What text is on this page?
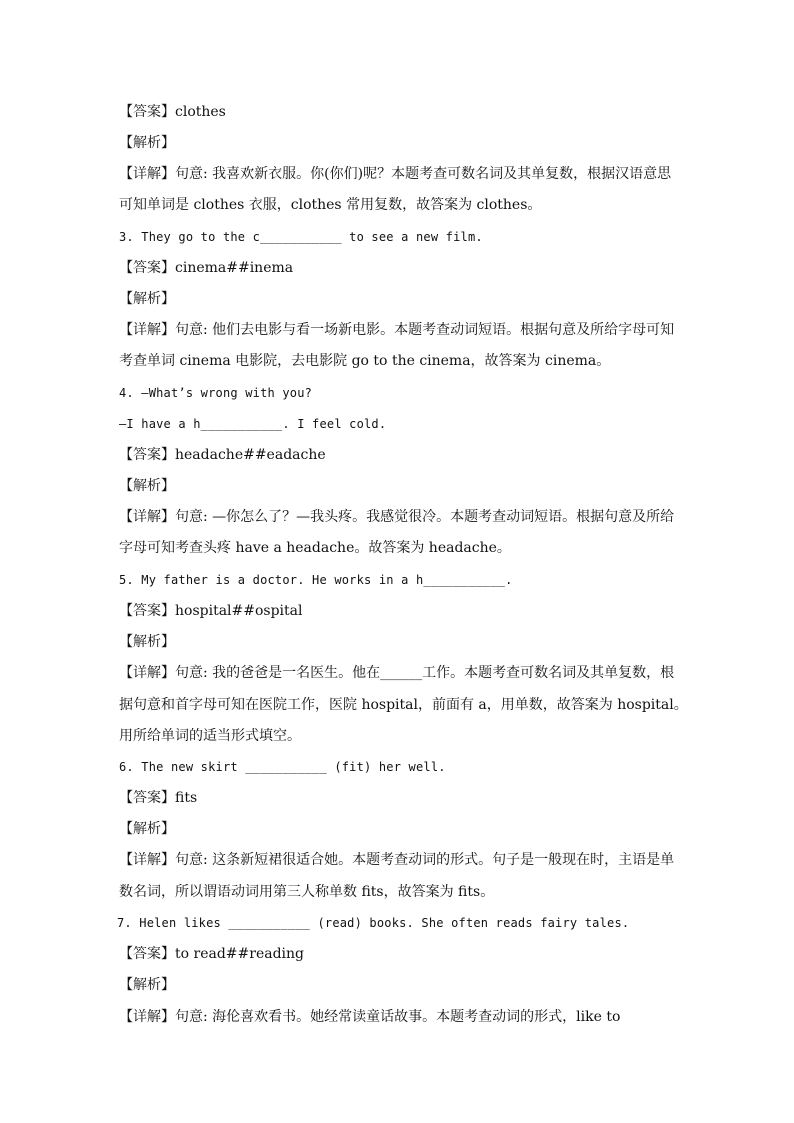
【答案】clothes
【解析】
【详解】句意: 我喜欢新衣服。你(你们)呢？本题考查可数名词及其单复数，根据汉语意思
可知单词是 clothes 衣服，clothes 常用复数，故答案为 clothes。
3. They go to the c___________ to see a new film.
【答案】cinema##inema
【解析】
【详解】句意: 他们去电影与看一场新电影。本题考查动词短语。根据句意及所给字母可知
考查单词 cinema 电影院，去电影院 go to the cinema，故答案为 cinema。
4. —What’s wrong with you?
—I have a h___________. I feel cold.
【答案】headache##eadache
【解析】
【详解】句意: —你怎么了？—我头疼。我感觉很冷。本题考查动词短语。根据句意及所给
字母可知考查头疼 have a headache。故答案为 headache。
5. My father is a doctor. He works in a h___________.
【答案】hospital##ospital
【解析】
【详解】句意: 我的爸爸是一名医生。他在______工作。本题考查可数名词及其单复数，根
据句意和首字母可知在医院工作，医院 hospital，前面有 a，用单数，故答案为 hospital。
用所给单词的适当形式填空。
6. The new skirt ___________ (fit) her well.
【答案】fits
【解析】
【详解】句意: 这条新短裙很适合她。本题考查动词的形式。句子是一般现在时，主语是单
数名词，所以谓语动词用第三人称单数 fits，故答案为 fits。
7. Helen likes ___________ (read) books. She often reads fairy tales.
【答案】to read##reading
【解析】
【详解】句意: 海伦喜欢看书。她经常读童话故事。本题考查动词的形式，like to
